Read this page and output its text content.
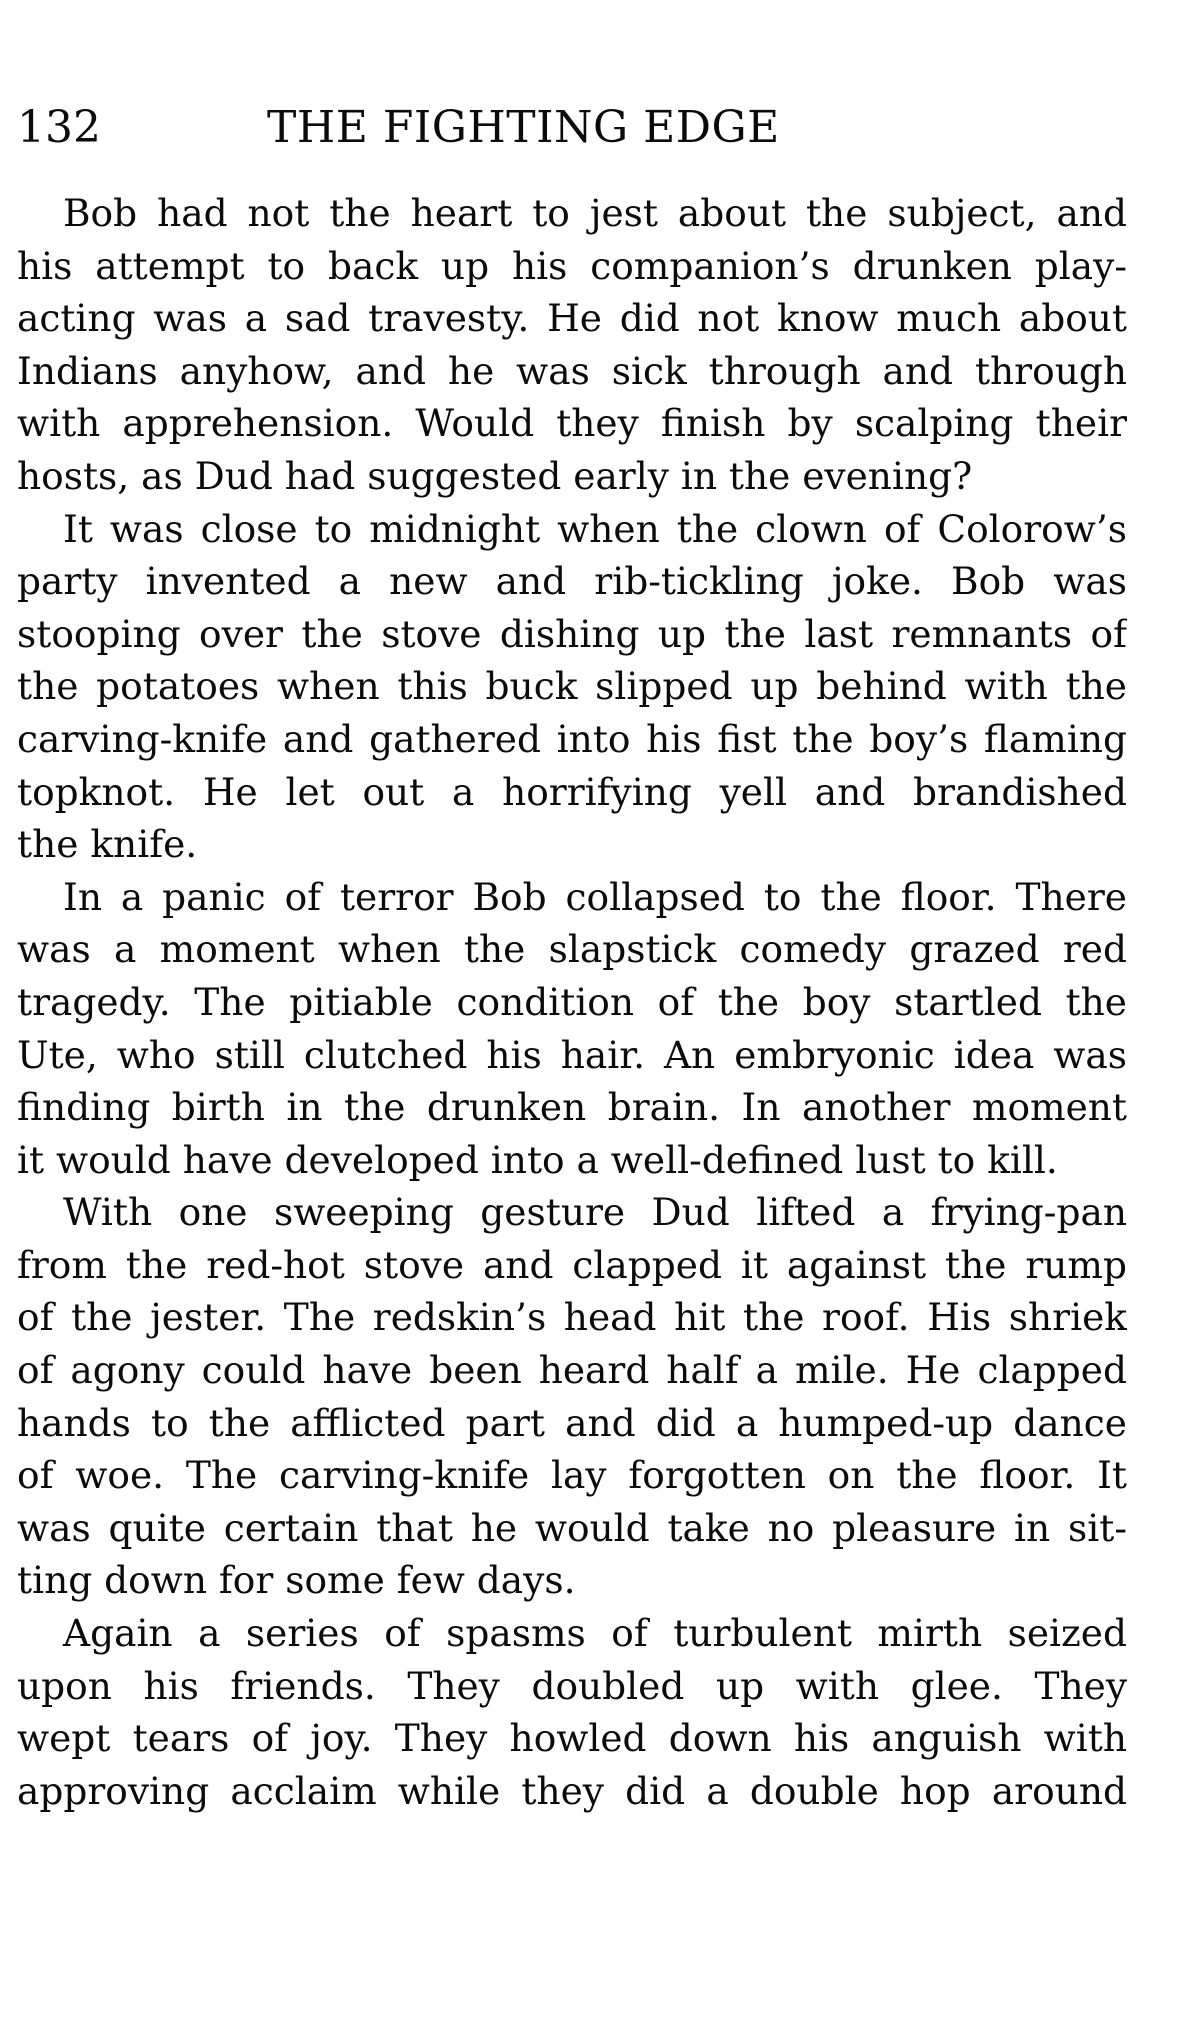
132	THE FIGHTING EDGE
Bob had not the heart to jest about the subject, and
his attempt to back up his companion’s drunken play-
acting was a sad travesty. He did not know much about
Indians anyhow, and he was sick through and through
with apprehension. Would they finish by scalping their
hosts, as Dud had suggested early in the evening?
It was close to midnight when the clown of Colorow’s
party invented a new and rib-tickling joke. Bob was
stooping over the stove dishing up the last remnants of
the potatoes when this buck slipped up behind with the
carving-knife and gathered into his fist the boy’s flaming
topknot. He let out a horrifying yell and brandished
the knife.
In a panic of terror Bob collapsed to the floor. There
was a moment when the slapstick comedy grazed red
tragedy. The pitiable condition of the boy startled the
Ute, who still clutched his hair. An embryonic idea was
finding birth in the drunken brain. In another moment
it would have developed into a well-defined lust to kill.
With one sweeping gesture Dud lifted a frying-pan
from the red-hot stove and clapped it against the rump
of the jester. The redskin’s head hit the roof. His shriek
of agony could have been heard half a mile. He clapped
hands to the afflicted part and did a humped-up dance
of woe. The carving-knife lay forgotten on the floor. It
was quite certain that he would take no pleasure in sit-
ting down for some few days.
Again a series of spasms of turbulent mirth seized
upon his friends. They doubled up with glee. They
wept tears of joy. They howled down his anguish with
approving acclaim while they did a double hop around
